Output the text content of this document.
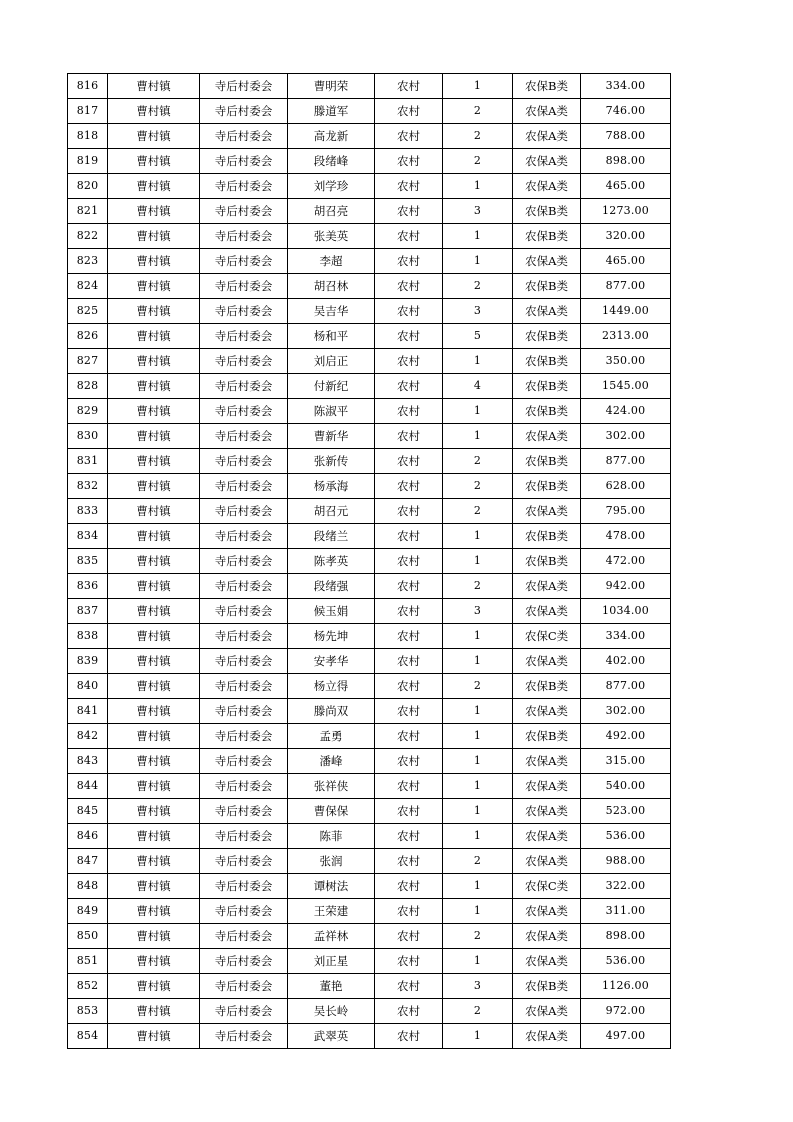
816	曹村镇	寺后村委会	曹明荣	农村	1	农保B类	334.00
817	曹村镇	寺后村委会	滕道军	农村	2	农保A类	746.00
818	曹村镇	寺后村委会	高龙新	农村	2	农保A类	788.00
819	曹村镇	寺后村委会	段绪峰	农村	2	农保A类	898.00
820	曹村镇	寺后村委会	刘学珍	农村	1	农保A类	465.00
821	曹村镇	寺后村委会	胡召亮	农村	3	农保B类	1273.00
822	曹村镇	寺后村委会	张美英	农村	1	农保B类	320.00
823	曹村镇	寺后村委会	李超	农村	1	农保A类	465.00
824	曹村镇	寺后村委会	胡召林	农村	2	农保B类	877.00
825	曹村镇	寺后村委会	吴吉华	农村	3	农保A类	1449.00
826	曹村镇	寺后村委会	杨和平	农村	5	农保B类	2313.00
827	曹村镇	寺后村委会	刘启正	农村	1	农保B类	350.00
828	曹村镇	寺后村委会	付新纪	农村	4	农保B类	1545.00
829	曹村镇	寺后村委会	陈淑平	农村	1	农保B类	424.00
830	曹村镇	寺后村委会	曹新华	农村	1	农保A类	302.00
831	曹村镇	寺后村委会	张新传	农村	2	农保B类	877.00
832	曹村镇	寺后村委会	杨承海	农村	2	农保B类	628.00
833	曹村镇	寺后村委会	胡召元	农村	2	农保A类	795.00
834	曹村镇	寺后村委会	段绪兰	农村	1	农保B类	478.00
835	曹村镇	寺后村委会	陈孝英	农村	1	农保B类	472.00
836	曹村镇	寺后村委会	段绪强	农村	2	农保A类	942.00
837	曹村镇	寺后村委会	候玉娟	农村	3	农保A类	1034.00
838	曹村镇	寺后村委会	杨先坤	农村	1	农保C类	334.00
839	曹村镇	寺后村委会	安孝华	农村	1	农保A类	402.00
840	曹村镇	寺后村委会	杨立得	农村	2	农保B类	877.00
841	曹村镇	寺后村委会	滕尚双	农村	1	农保A类	302.00
842	曹村镇	寺后村委会	孟勇	农村	1	农保B类	492.00
843	曹村镇	寺后村委会	潘峰	农村	1	农保A类	315.00
844	曹村镇	寺后村委会	张祥侠	农村	1	农保A类	540.00
845	曹村镇	寺后村委会	曹保保	农村	1	农保A类	523.00
846	曹村镇	寺后村委会	陈菲	农村	1	农保A类	536.00
847	曹村镇	寺后村委会	张润	农村	2	农保A类	988.00
848	曹村镇	寺后村委会	谭树法	农村	1	农保C类	322.00
849	曹村镇	寺后村委会	王荣建	农村	1	农保A类	311.00
850	曹村镇	寺后村委会	孟祥林	农村	2	农保A类	898.00
851	曹村镇	寺后村委会	刘正星	农村	1	农保A类	536.00
852	曹村镇	寺后村委会	董艳	农村	3	农保B类	1126.00
853	曹村镇	寺后村委会	吴长岭	农村	2	农保A类	972.00
854	曹村镇	寺后村委会	武翠英	农村	1	农保A类	497.00
